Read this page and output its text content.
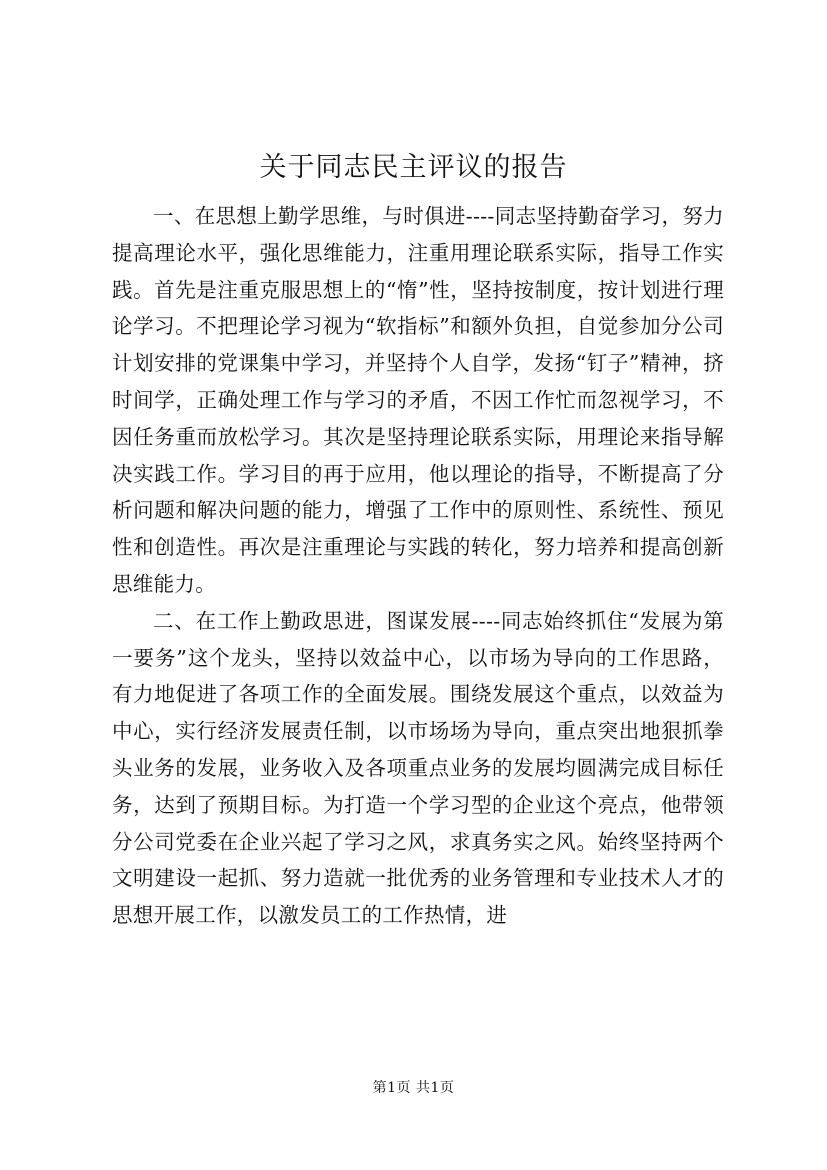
关于同志民主评议的报告

一、在思想上勤学思维，与时俱进----同志坚持勤奋学习，努力提高理论水平，强化思维能力，注重用理论联系实际，指导工作实践。首先是注重克服思想上的“惰”性，坚持按制度，按计划进行理论学习。不把理论学习视为“软指标”和额外负担，自觉参加分公司计划安排的党课集中学习，并坚持个人自学，发扬“钉子”精神，挤时间学，正确处理工作与学习的矛盾，不因工作忙而忽视学习，不因任务重而放松学习。其次是坚持理论联系实际，用理论来指导解决实践工作。学习目的再于应用，他以理论的指导，不断提高了分析问题和解决问题的能力，增强了工作中的原则性、系统性、预见性和创造性。再次是注重理论与实践的转化，努力培养和提高创新思维能力。

二、在工作上勤政思进，图谋发展----同志始终抓住“发展为第一要务”这个龙头，坚持以效益中心，以市场为导向的工作思路，有力地促进了各项工作的全面发展。围绕发展这个重点，以效益为中心，实行经济发展责任制，以市场场为导向，重点突出地狠抓拳头业务的发展，业务收入及各项重点业务的发展均圆满完成目标任务，达到了预期目标。为打造一个学习型的企业这个亮点，他带领分公司党委在企业兴起了学习之风，求真务实之风。始终坚持两个文明建设一起抓、努力造就一批优秀的业务管理和专业技术人才的思想开展工作，以激发员工的工作热情，进

第1页 共1页
